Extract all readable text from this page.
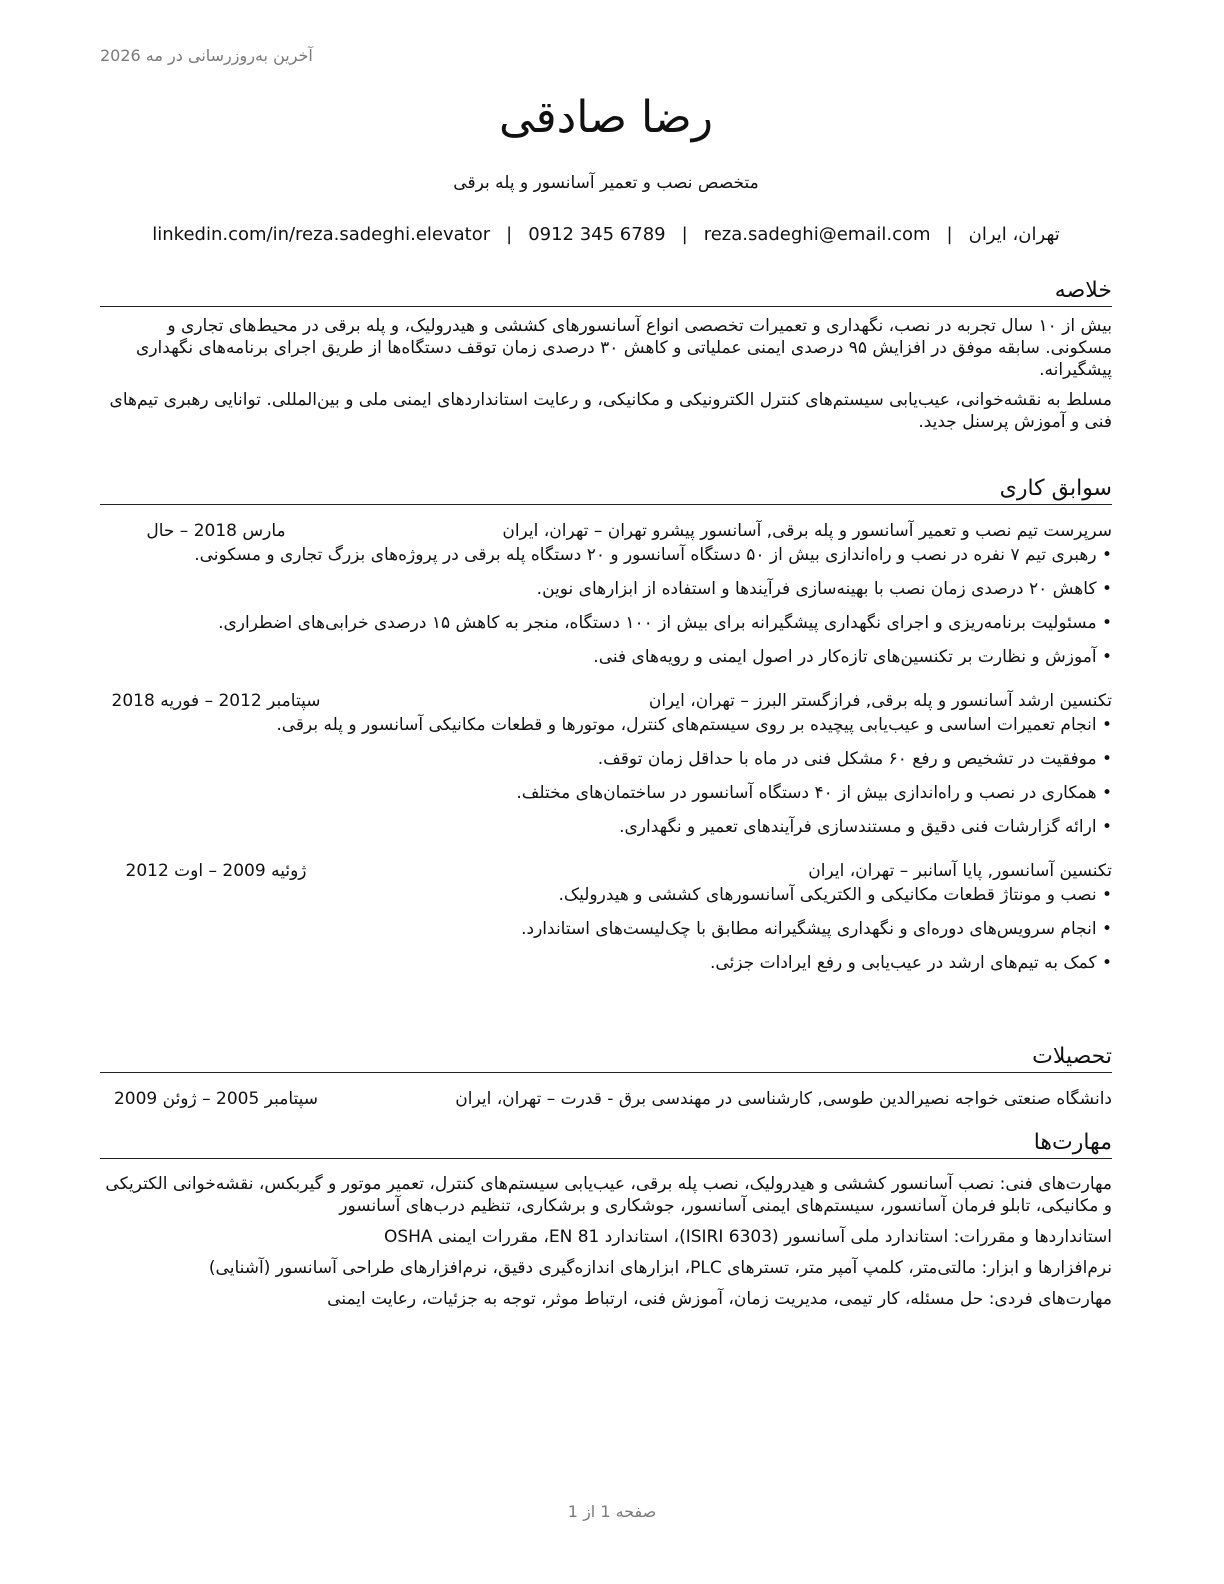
آخرین به‌روزرسانی در مه 2026
رضا صادقی
متخصص نصب و تعمیر آسانسور و پله برقی
تهران، ایران|reza.sadeghi@email.com|0912 345 6789|linkedin.com/in/reza.sadeghi.elevator
خلاصه

بیش از ۱۰ سال تجربه در نصب، نگهداری و تعمیرات تخصصی انواع آسانسورهای کششی و هیدرولیک، و پله برقی در محیط‌های تجاری و مسکونی. سابقه موفق در افزایش ۹۵ درصدی ایمنی عملیاتی و کاهش ۳۰ درصدی زمان توقف دستگاه‌ها از طریق اجرای برنامه‌های نگهداری پیشگیرانه.

مسلط به نقشه‌خوانی، عیب‌یابی سیستم‌های کنترل الکترونیکی و مکانیکی، و رعایت استانداردهای ایمنی ملی و بین‌المللی. توانایی رهبری تیم‌های فنی و آموزش پرسنل جدید.

سوابق کاری
سرپرست تیم نصب و تعمیر آسانسور و پله برقی, آسانسور پیشرو تهران – تهران، ایران
مارس 2018 – حال
• رهبری تیم ۷ نفره در نصب و راه‌اندازی بیش از ۵۰ دستگاه آسانسور و ۲۰ دستگاه پله برقی در پروژه‌های بزرگ تجاری و مسکونی.
• کاهش ۲۰ درصدی زمان نصب با بهینه‌سازی فرآیندها و استفاده از ابزارهای نوین.
• مسئولیت برنامه‌ریزی و اجرای نگهداری پیشگیرانه برای بیش از ۱۰۰ دستگاه، منجر به کاهش ۱۵ درصدی خرابی‌های اضطراری.
• آموزش و نظارت بر تکنسین‌های تازه‌کار در اصول ایمنی و رویه‌های فنی.
تکنسین ارشد آسانسور و پله برقی, فرازگستر البرز – تهران، ایران
سپتامبر 2012 – فوریه 2018
• انجام تعمیرات اساسی و عیب‌یابی پیچیده بر روی سیستم‌های کنترل، موتورها و قطعات مکانیکی آسانسور و پله برقی.
• موفقیت در تشخیص و رفع ۶۰ مشکل فنی در ماه با حداقل زمان توقف.
• همکاری در نصب و راه‌اندازی بیش از ۴۰ دستگاه آسانسور در ساختمان‌های مختلف.
• ارائه گزارشات فنی دقیق و مستندسازی فرآیندهای تعمیر و نگهداری.
تکنسین آسانسور, پایا آسانبر – تهران، ایران
ژوئیه 2009 – اوت 2012
• نصب و مونتاژ قطعات مکانیکی و الکتریکی آسانسورهای کششی و هیدرولیک.
• انجام سرویس‌های دوره‌ای و نگهداری پیشگیرانه مطابق با چک‌لیست‌های استاندارد.
• کمک به تیم‌های ارشد در عیب‌یابی و رفع ایرادات جزئی.
تحصیلات
دانشگاه صنعتی خواجه نصیرالدین طوسی, کارشناسی در مهندسی برق - قدرت – تهران، ایران
سپتامبر 2005 – ژوئن 2009
مهارت‌ها

مهارت‌های فنی: نصب آسانسور کششی و هیدرولیک، نصب پله برقی، عیب‌یابی سیستم‌های کنترل، تعمیر موتور و گیربکس، نقشه‌خوانی الکتریکی و مکانیکی، تابلو فرمان آسانسور، سیستم‌های ایمنی آسانسور، جوشکاری و برشکاری، تنظیم درب‌های آسانسور

استانداردها و مقررات: استاندارد ملی آسانسور (ISIRI 6303)، استاندارد EN 81، مقررات ایمنی OSHA

نرم‌افزارها و ابزار: مالتی‌متر، کلمپ آمپر متر، تسترهای PLC، ابزارهای اندازه‌گیری دقیق، نرم‌افزارهای طراحی آسانسور (آشنایی)

مهارت‌های فردی: حل مسئله، کار تیمی، مدیریت زمان، آموزش فنی، ارتباط موثر، توجه به جزئیات، رعایت ایمنی

صفحه 1 از 1
